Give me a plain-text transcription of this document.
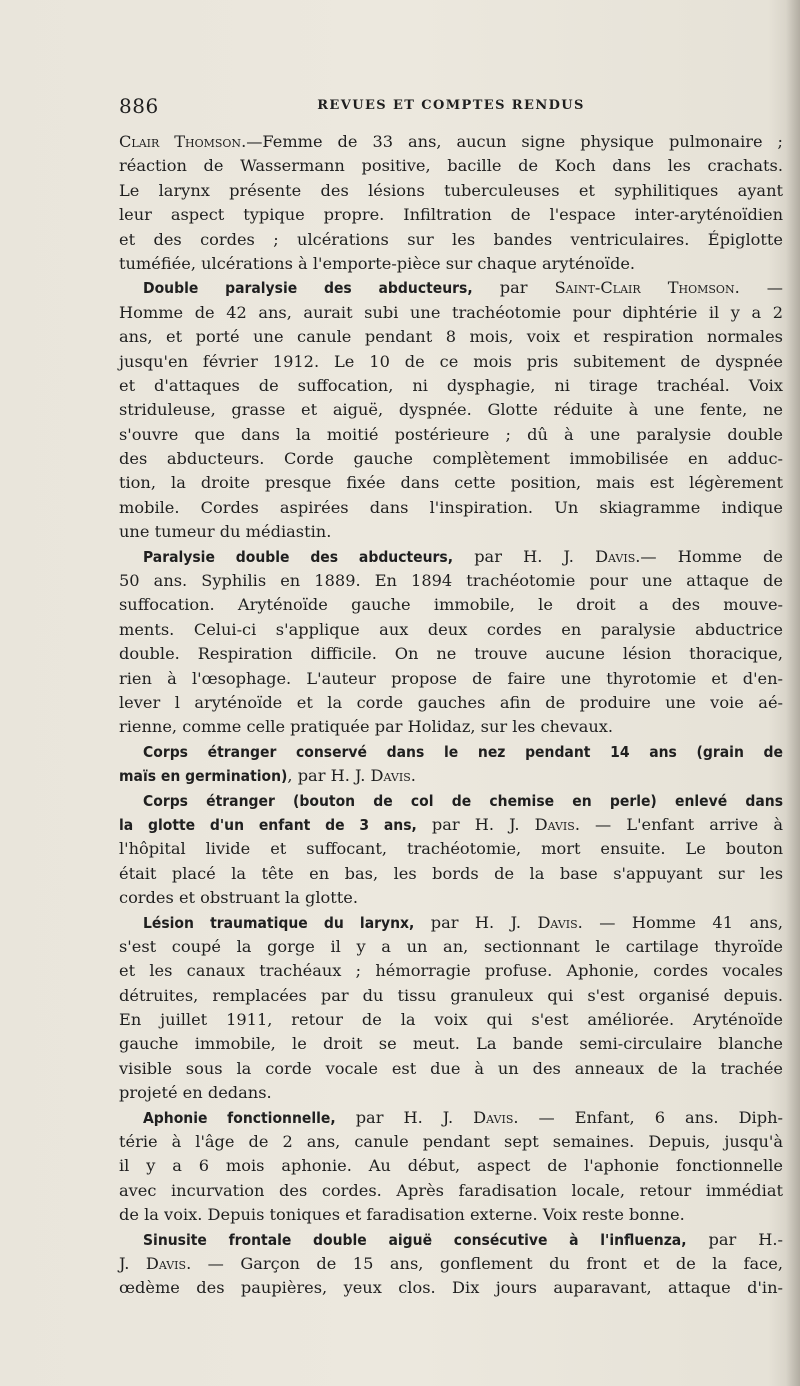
886	REVUES ET COMPTES RENDUS
Clair Thomson.—Femme de 33 ans, aucun signe physique pulmonaire ;
réaction de Wassermann positive, bacille de Koch dans les crachats.
Le larynx présente des lésions tuberculeuses et syphilitiques ayant
leur aspect typique propre. Infiltration de l'espace inter-aryténoïdien
et des cordes ; ulcérations sur les bandes ventriculaires. Épiglotte
tuméfiée, ulcérations à l'emporte-pièce sur chaque aryténoïde.
Double paralysie des abducteurs, par Saint-Clair Thomson. —
Homme de 42 ans, aurait subi une trachéotomie pour diphtérie il y a 2
ans, et porté une canule pendant 8 mois, voix et respiration normales
jusqu'en février 1912. Le 10 de ce mois pris subitement de dyspnée
et d'attaques de suffocation, ni dysphagie, ni tirage trachéal. Voix
striduleuse, grasse et aiguë, dyspnée. Glotte réduite à une fente, ne
s'ouvre que dans la moitié postérieure ; dû à une paralysie double
des abducteurs. Corde gauche complètement immobilisée en adduc-
tion, la droite presque fixée dans cette position, mais est légèrement
mobile. Cordes aspirées dans l'inspiration. Un skiagramme indique
une tumeur du médiastin.
Paralysie double des abducteurs, par H. J. Davis.— Homme de
50 ans. Syphilis en 1889. En 1894 trachéotomie pour une attaque de
suffocation. Aryténoïde gauche immobile, le droit a des mouve-
ments. Celui-ci s'applique aux deux cordes en paralysie abductrice
double. Respiration difficile. On ne trouve aucune lésion thoracique,
rien à l'œsophage. L'auteur propose de faire une thyrotomie et d'en-
lever l aryténoïde et la corde gauches afin de produire une voie aé-
rienne, comme celle pratiquée par Holidaz, sur les chevaux.
Corps étranger conservé dans le nez pendant 14 ans (grain de
maïs en germination), par H. J. Davis.
Corps étranger (bouton de col de chemise en perle) enlevé dans
la glotte d'un enfant de 3 ans, par H. J. Davis. — L'enfant arrive à
l'hôpital livide et suffocant, trachéotomie, mort ensuite. Le bouton
était placé la tête en bas, les bords de la base s'appuyant sur les
cordes et obstruant la glotte.
Lésion traumatique du larynx, par H. J. Davis. — Homme 41 ans,
s'est coupé la gorge il y a un an, sectionnant le cartilage thyroïde
et les canaux trachéaux ; hémorragie profuse. Aphonie, cordes vocales
détruites, remplacées par du tissu granuleux qui s'est organisé depuis.
En juillet 1911, retour de la voix qui s'est améliorée. Aryténoïde
gauche immobile, le droit se meut. La bande semi-circulaire blanche
visible sous la corde vocale est due à un des anneaux de la trachée
projeté en dedans.
Aphonie fonctionnelle, par H. J. Davis. — Enfant, 6 ans. Diph-
térie à l'âge de 2 ans, canule pendant sept semaines. Depuis, jusqu'à
il y a 6 mois aphonie. Au début, aspect de l'aphonie fonctionnelle
avec incurvation des cordes. Après faradisation locale, retour immédiat
de la voix. Depuis toniques et faradisation externe. Voix reste bonne.
Sinusite frontale double aiguë consécutive à l'influenza, par H.-
J. Davis. — Garçon de 15 ans, gonflement du front et de la face,
œdème des paupières, yeux clos. Dix jours auparavant, attaque d'in-
